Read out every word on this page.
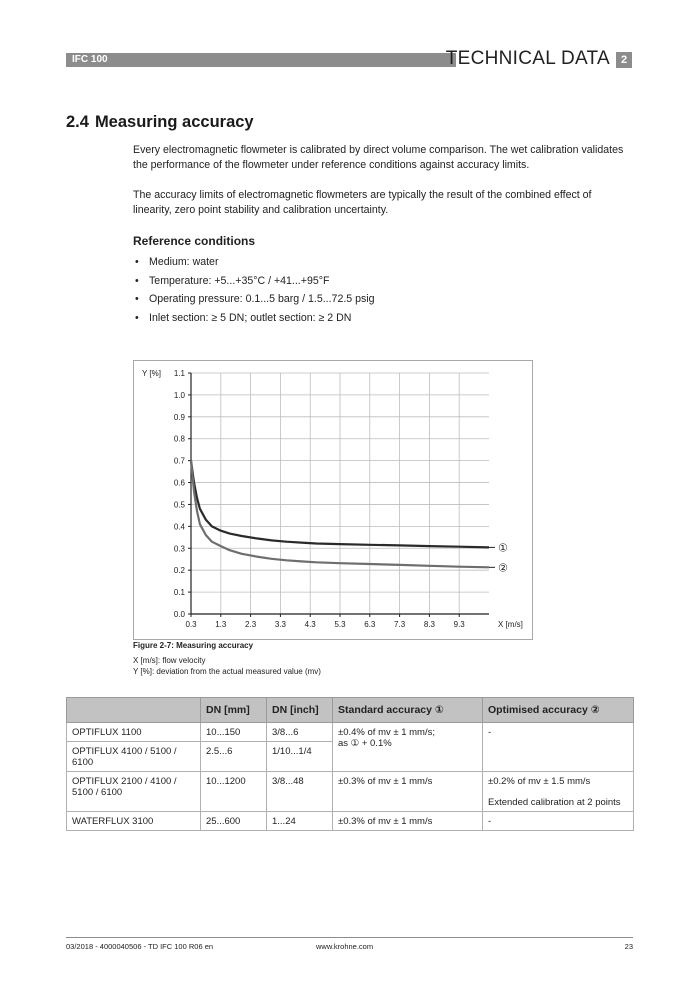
IFC 100	TECHNICAL DATA 2
2.4 Measuring accuracy

Every electromagnetic flowmeter is calibrated by direct volume comparison. The wet calibration validates the performance of the flowmeter under reference conditions against accuracy limits.

The accuracy limits of electromagnetic flowmeters are typically the result of the combined effect of linearity, zero point stability and calibration uncertainty.

Reference conditions
• Medium: water
• Temperature: +5...+35°C / +41...+95°F
• Operating pressure: 0.1...5 barg / 1.5...72.5 psig
• Inlet section: ≥ 5 DN; outlet section: ≥ 2 DN
0.0
0.1
0.2
0.3
0.4
0.5
0.6
0.7
0.8
0.9
1.0
1.1
0.3 1.3 2.3 3.3 4.3 5.3 6.3 7.3 8.3 9.3
Y [%]
X [m/s]
①
②
Figure 2-7: Measuring accuracy
X [m/s]: flow velocity
Y [%]: deviation from the actual measured value (mv)
	DN [mm]	DN [inch]	Standard accuracy ①	Optimised accuracy ②
OPTIFLUX 1100	10...150	3/8...6	±0.4% of mv ± 1 mm/s;
as ① + 0.1%	-
OPTIFLUX 4100 / 5100 / 6100	2.5...6	1/10...1/4		
OPTIFLUX 2100 / 4100 / 5100 / 6100	10...1200	3/8...48	±0.3% of mv ± 1 mm/s	±0.2% of mv ± 1.5 mm/s
Extended calibration at 2 points

WATERFLUX 3100	25...600	1...24	±0.3% of mv ± 1 mm/s	-
03/2018 - 4000040506 - TD IFC 100 R06 en	www.krohne.com	23
